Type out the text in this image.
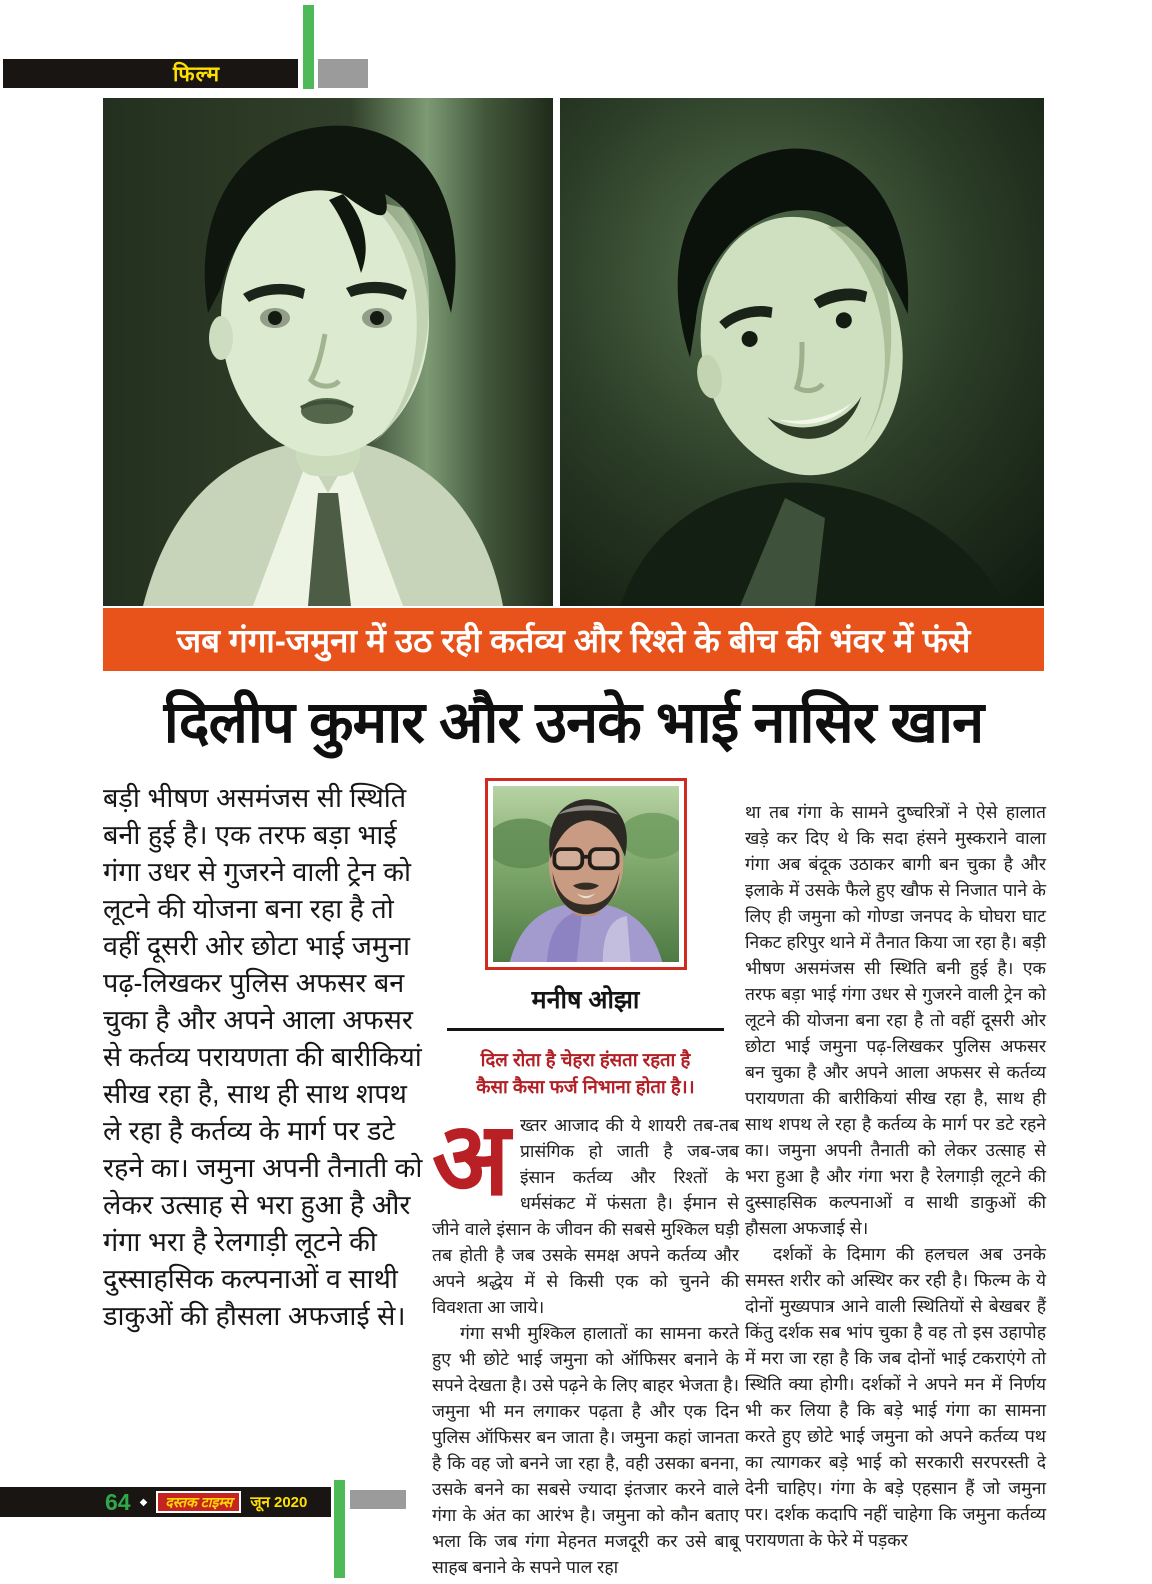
फिल्म
जब गंगा-जमुना में उठ रही कर्तव्य और रिश्ते के बीच की भंवर में फंसे
दिलीप कुमार और उनके भाई नासिर खान
बड़ी भीषण असमंजस सी स्थिति बनी हुई है। एक तरफ बड़ा भाई गंगा उधर से गुजरने वाली ट्रेन को लूटने की योजना बना रहा है तो वहीं दूसरी ओर छोटा भाई जमुना पढ़-लिखकर पुलिस अफसर बन चुका है और अपने आला अफसर से कर्तव्य परायणता की बारीकियां सीख रहा है, साथ ही साथ शपथ ले रहा है कर्तव्य के मार्ग पर डटे रहने का। जमुना अपनी तैनाती को लेकर उत्साह से भरा हुआ है और गंगा भरा है रेलगाड़ी लूटने की दुस्साहसिक कल्पनाओं व साथी डाकुओं की हौसला अफजाई से।
मनीष ओझा
दिल रोता है चेहरा हंसता रहता है
कैसा कैसा फर्ज निभाना होता है।।
अख्तर आजाद की ये शायरी तब-तब प्रासंगिक हो जाती है जब-जब इंसान कर्तव्य और रिश्तों के धर्मसंकट में फंसता है। ईमान से जीने वाले इंसान के जीवन की सबसे मुश्किल घड़ी तब होती है जब उसके समक्ष अपने कर्तव्य और अपने श्रद्धेय में से किसी एक को चुनने की विवशता आ जाये।
गंगा सभी मुश्किल हालातों का सामना करते हुए भी छोटे भाई जमुना को ऑफिसर बनाने के सपने देखता है। उसे पढ़ने के लिए बाहर भेजता है। जमुना भी मन लगाकर पढ़ता है और एक दिन पुलिस ऑफिसर बन जाता है। जमुना कहां जानता है कि वह जो बनने जा रहा है, वही उसका बनना, उसके बनने का सबसे ज्यादा इंतजार करने वाले गंगा के अंत का आरंभ है। जमुना को कौन बताए भला कि जब गंगा मेहनत मजदूरी कर उसे बाबू साहब बनाने के सपने पाल रहा
था तब गंगा के सामने दुष्चरित्रों ने ऐसे हालात खड़े कर दिए थे कि सदा हंसने मुस्कराने वाला गंगा अब बंदूक उठाकर बागी बन चुका है और इलाके में उसके फैले हुए खौफ से निजात पाने के लिए ही जमुना को गोण्डा जनपद के घोघरा घाट निकट हरिपुर थाने में तैनात किया जा रहा है। बड़ी भीषण असमंजस सी स्थिति बनी हुई है। एक तरफ बड़ा भाई गंगा उधर से गुजरने वाली ट्रेन को लूटने की योजना बना रहा है तो वहीं दूसरी ओर छोटा भाई जमुना पढ़-लिखकर पुलिस अफसर बन चुका है और अपने आला अफसर से कर्तव्य परायणता की बारीकियां सीख रहा है, साथ ही साथ शपथ ले रहा है कर्तव्य के मार्ग पर डटे रहने का। जमुना अपनी तैनाती को लेकर उत्साह से भरा हुआ है और गंगा भरा है रेलगाड़ी लूटने की दुस्साहसिक कल्पनाओं व साथी डाकुओं की हौसला अफजाई से।
दर्शकों के दिमाग की हलचल अब उनके समस्त शरीर को अस्थिर कर रही है। फिल्म के ये दोनों मुख्यपात्र आने वाली स्थितियों से बेखबर हैं किंतु दर्शक सब भांप चुका है वह तो इस उहापोह में मरा जा रहा है कि जब दोनों भाई टकराएंगे तो स्थिति क्या होगी। दर्शकों ने अपने मन में निर्णय भी कर लिया है कि बड़े भाई गंगा का सामना करते हुए छोटे भाई जमुना को अपने कर्तव्य पथ का त्यागकर बड़े भाई को सरकारी सरपरस्ती दे देनी चाहिए। गंगा के बड़े एहसान हैं जो जमुना पर। दर्शक कदापि नहीं चाहेगा कि जमुना कर्तव्य परायणता के फेरे में पड़कर
64 ◆	दस्तक टाइम्स	जून 2020
